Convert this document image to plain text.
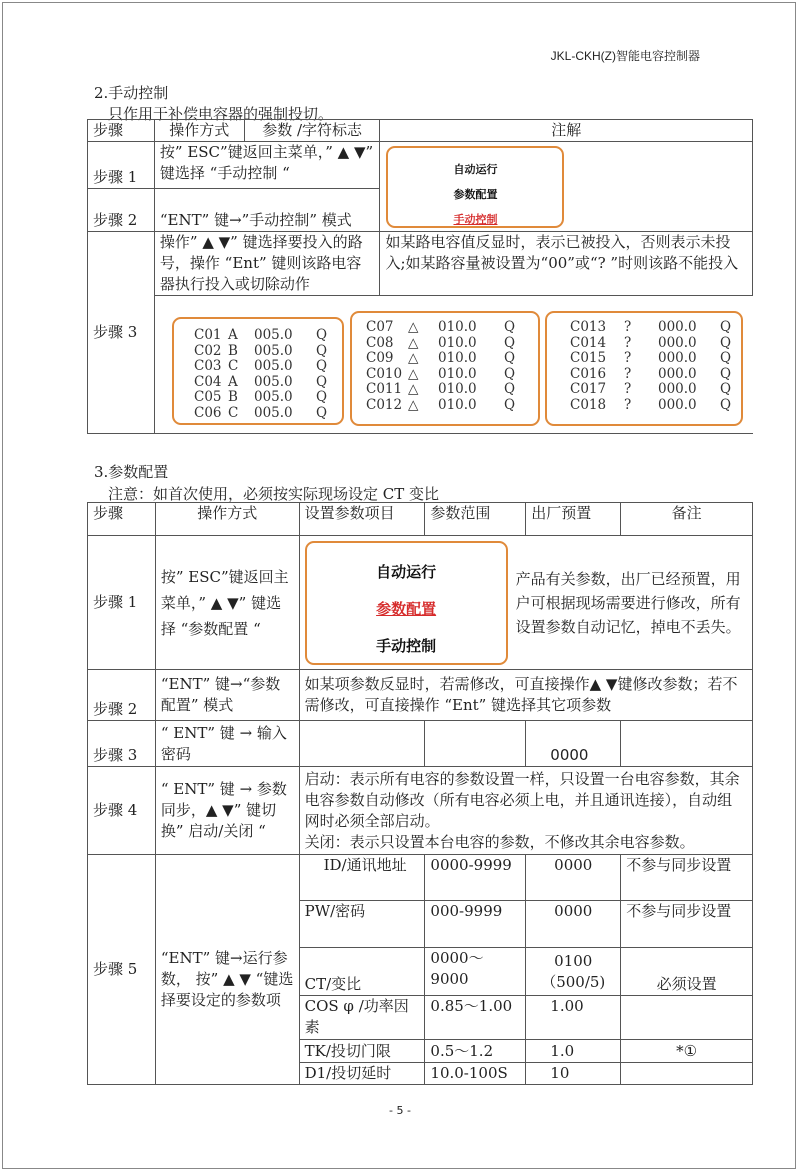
JKL-CKH(Z)智能电容控制器
2.手动控制
只作用于补偿电容器的强制投切。
步骤	操作方式	参数 /字符标志	注解
步骤 1	按” ESC”键返回主菜单，” ▲ ▼” 键选择 “手动控制 “		自动运行
参数配置
手动控制

步骤 2	“ENT” 键→”手动控制” 模式		
步骤 3	操作” ▲ ▼” 键选择要投入的路号，操作 “Ent” 键则该路电容器执行投入或切除动作		如某路电容值反显时，表示已被投入，否则表示未投入;如某路容量被设置为“00”或“? ”时则该路不能投入

C01 A 005.0 Q
C02 B 005.0 Q
C03 C 005.0 Q
C04 A 005.0 Q
C05 B 005.0 Q
C06 C 005.0 Q
C07 △ 010.0 Q
C08 △ 010.0 Q
C09 △ 010.0 Q
C010 △ 010.0 Q
C011 △ 010.0 Q
C012 △ 010.0 Q
C013 ? 000.0 Q
C014 ? 000.0 Q
C015 ? 000.0 Q
C016 ? 000.0 Q
C017 ? 000.0 Q
C018 ? 000.0 Q
3.参数配置
注意：如首次使用，必须按实际现场设定 CT 变比
步骤	操作方式	设置参数项目	参数范围	出厂预置	备注
步骤 1	按” ESC”键返回主菜单，” ▲ ▼” 键选择 “参数配置 “	自动运行
参数配置
手动控制
产品有关参数，出厂已经预置，用户可根据现场需要进行修改，所有设置参数自动记忆，掉电不丢失。			

步骤 2	“ENT” 键→“参数配置” 模式	如某项参数反显时，若需修改，可直接操作▲ ▼键修改参数；若不需修改，可直接操作 “Ent” 键选择其它项参数			
步骤 3	“ ENT” 键 → 输入密码			0000	
步骤 4	“ ENT” 键 → 参数同步，▲ ▼” 键切换” 启动/关闭 “	启动：表示所有电容的参数设置一样，只设置一台电容参数，其余电容参数自动修改（所有电容必须上电，并且通讯连接），自动组网时必须全部启动。
关闭：表示只设置本台电容的参数，不修改其余电容参数。			

步骤 5	“ENT” 键→运行参数， 按” ▲ ▼ “键选择要设定的参数项	ID/通讯地址	0000-9999	0000	不参与同步设置
		PW/密码	000-9999	0000	不参与同步设置
		CT/变比	0000～9000	0100（500/5)	必须设置
		COS φ /功率因素	0.85～1.00	1.00	
		TK/投切门限	0.5～1.2	1.0	*①
		D1/投切延时	10.0-100S	10	
- 5 -
